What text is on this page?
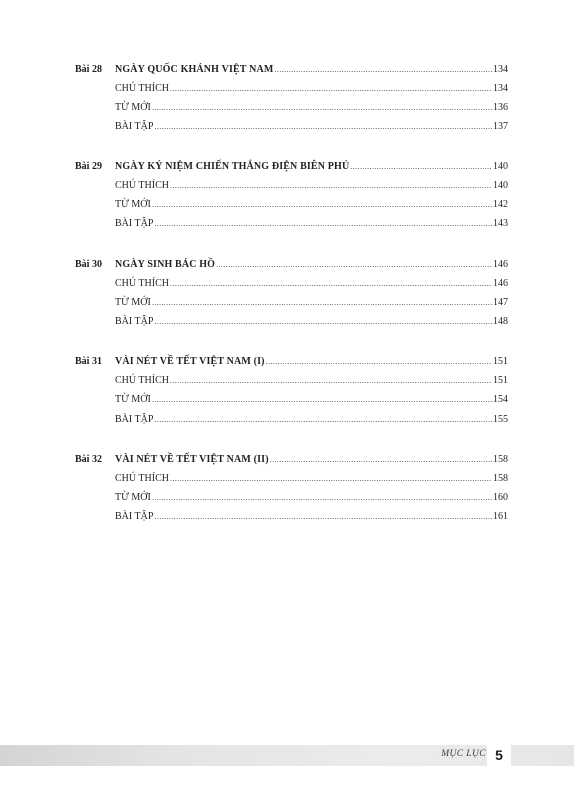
Bài 28 NGÀY QUỐC KHÁNH VIỆT NAM .....	134
CHÚ THÍCH .....	134
TỪ MỚI .....	136
BÀI TẬP .....	137
Bài 29 NGÀY KỶ NIỆM CHIẾN THẮNG ĐIỆN BIÊN PHỦ .....	140
CHÚ THÍCH .....	140
TỪ MỚI .....	142
BÀI TẬP .....	143
Bài 30 NGÀY SINH BÁC HỒ .....	146
CHÚ THÍCH .....	146
TỪ MỚI .....	147
BÀI TẬP .....	148
Bài 31 VÀI NÉT VỀ TẾT VIỆT NAM (I) .....	151
CHÚ THÍCH .....	151
TỪ MỚI .....	154
BÀI TẬP .....	155
Bài 32 VÀI NÉT VỀ TẾT VIỆT NAM (II) .....	158
CHÚ THÍCH .....	158
TỪ MỚI .....	160
BÀI TẬP .....	161
MỤC LỤC 5
